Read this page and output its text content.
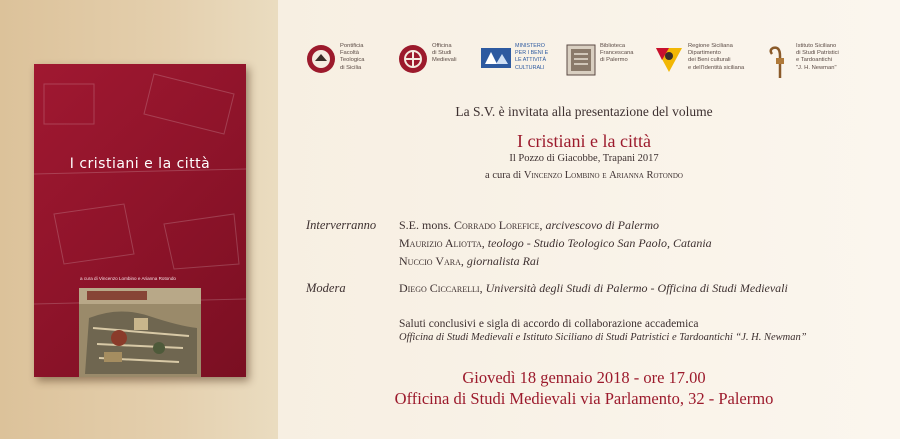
I cristiani e la città
a cura di Vincenzo Lombino e Arianna Rotondo
Pontificia
Facoltà
Teologica
di Sicilia
Officina
di Studi
Medievali
MINISTERO
PER I BENI E
LE ATTIVITÀ
CULTURALI
Biblioteca
Francescana
di Palermo
Regione Siciliana
Dipartimento
dei Beni culturali
e dell'Identità siciliana
Istituto Siciliano
di Studi Patristici
e Tardoantichi
"J. H. Newman"
La S.V. è invitata alla presentazione del volume
I cristiani e la città
Il Pozzo di Giacobbe, Trapani 2017
a cura di Vincenzo Lombino e Arianna Rotondo
Interverranno S.E. mons. Corrado Lorefice, arcivescovo di Palermo
Maurizio Aliotta, teologo - Studio Teologico San Paolo, Catania
Nuccio Vara, giornalista Rai
Modera	Diego Ciccarelli, Università degli Studi di Palermo - Officina di Studi Medievali
Saluti conclusivi e sigla di accordo di collaborazione accademica
Officina di Studi Medievali e Istituto Siciliano di Studi Patristici e Tardoantichi “J. H. Newman”
Giovedì 18 gennaio 2018 - ore 17.00
Officina di Studi Medievali via Parlamento, 32 - Palermo
